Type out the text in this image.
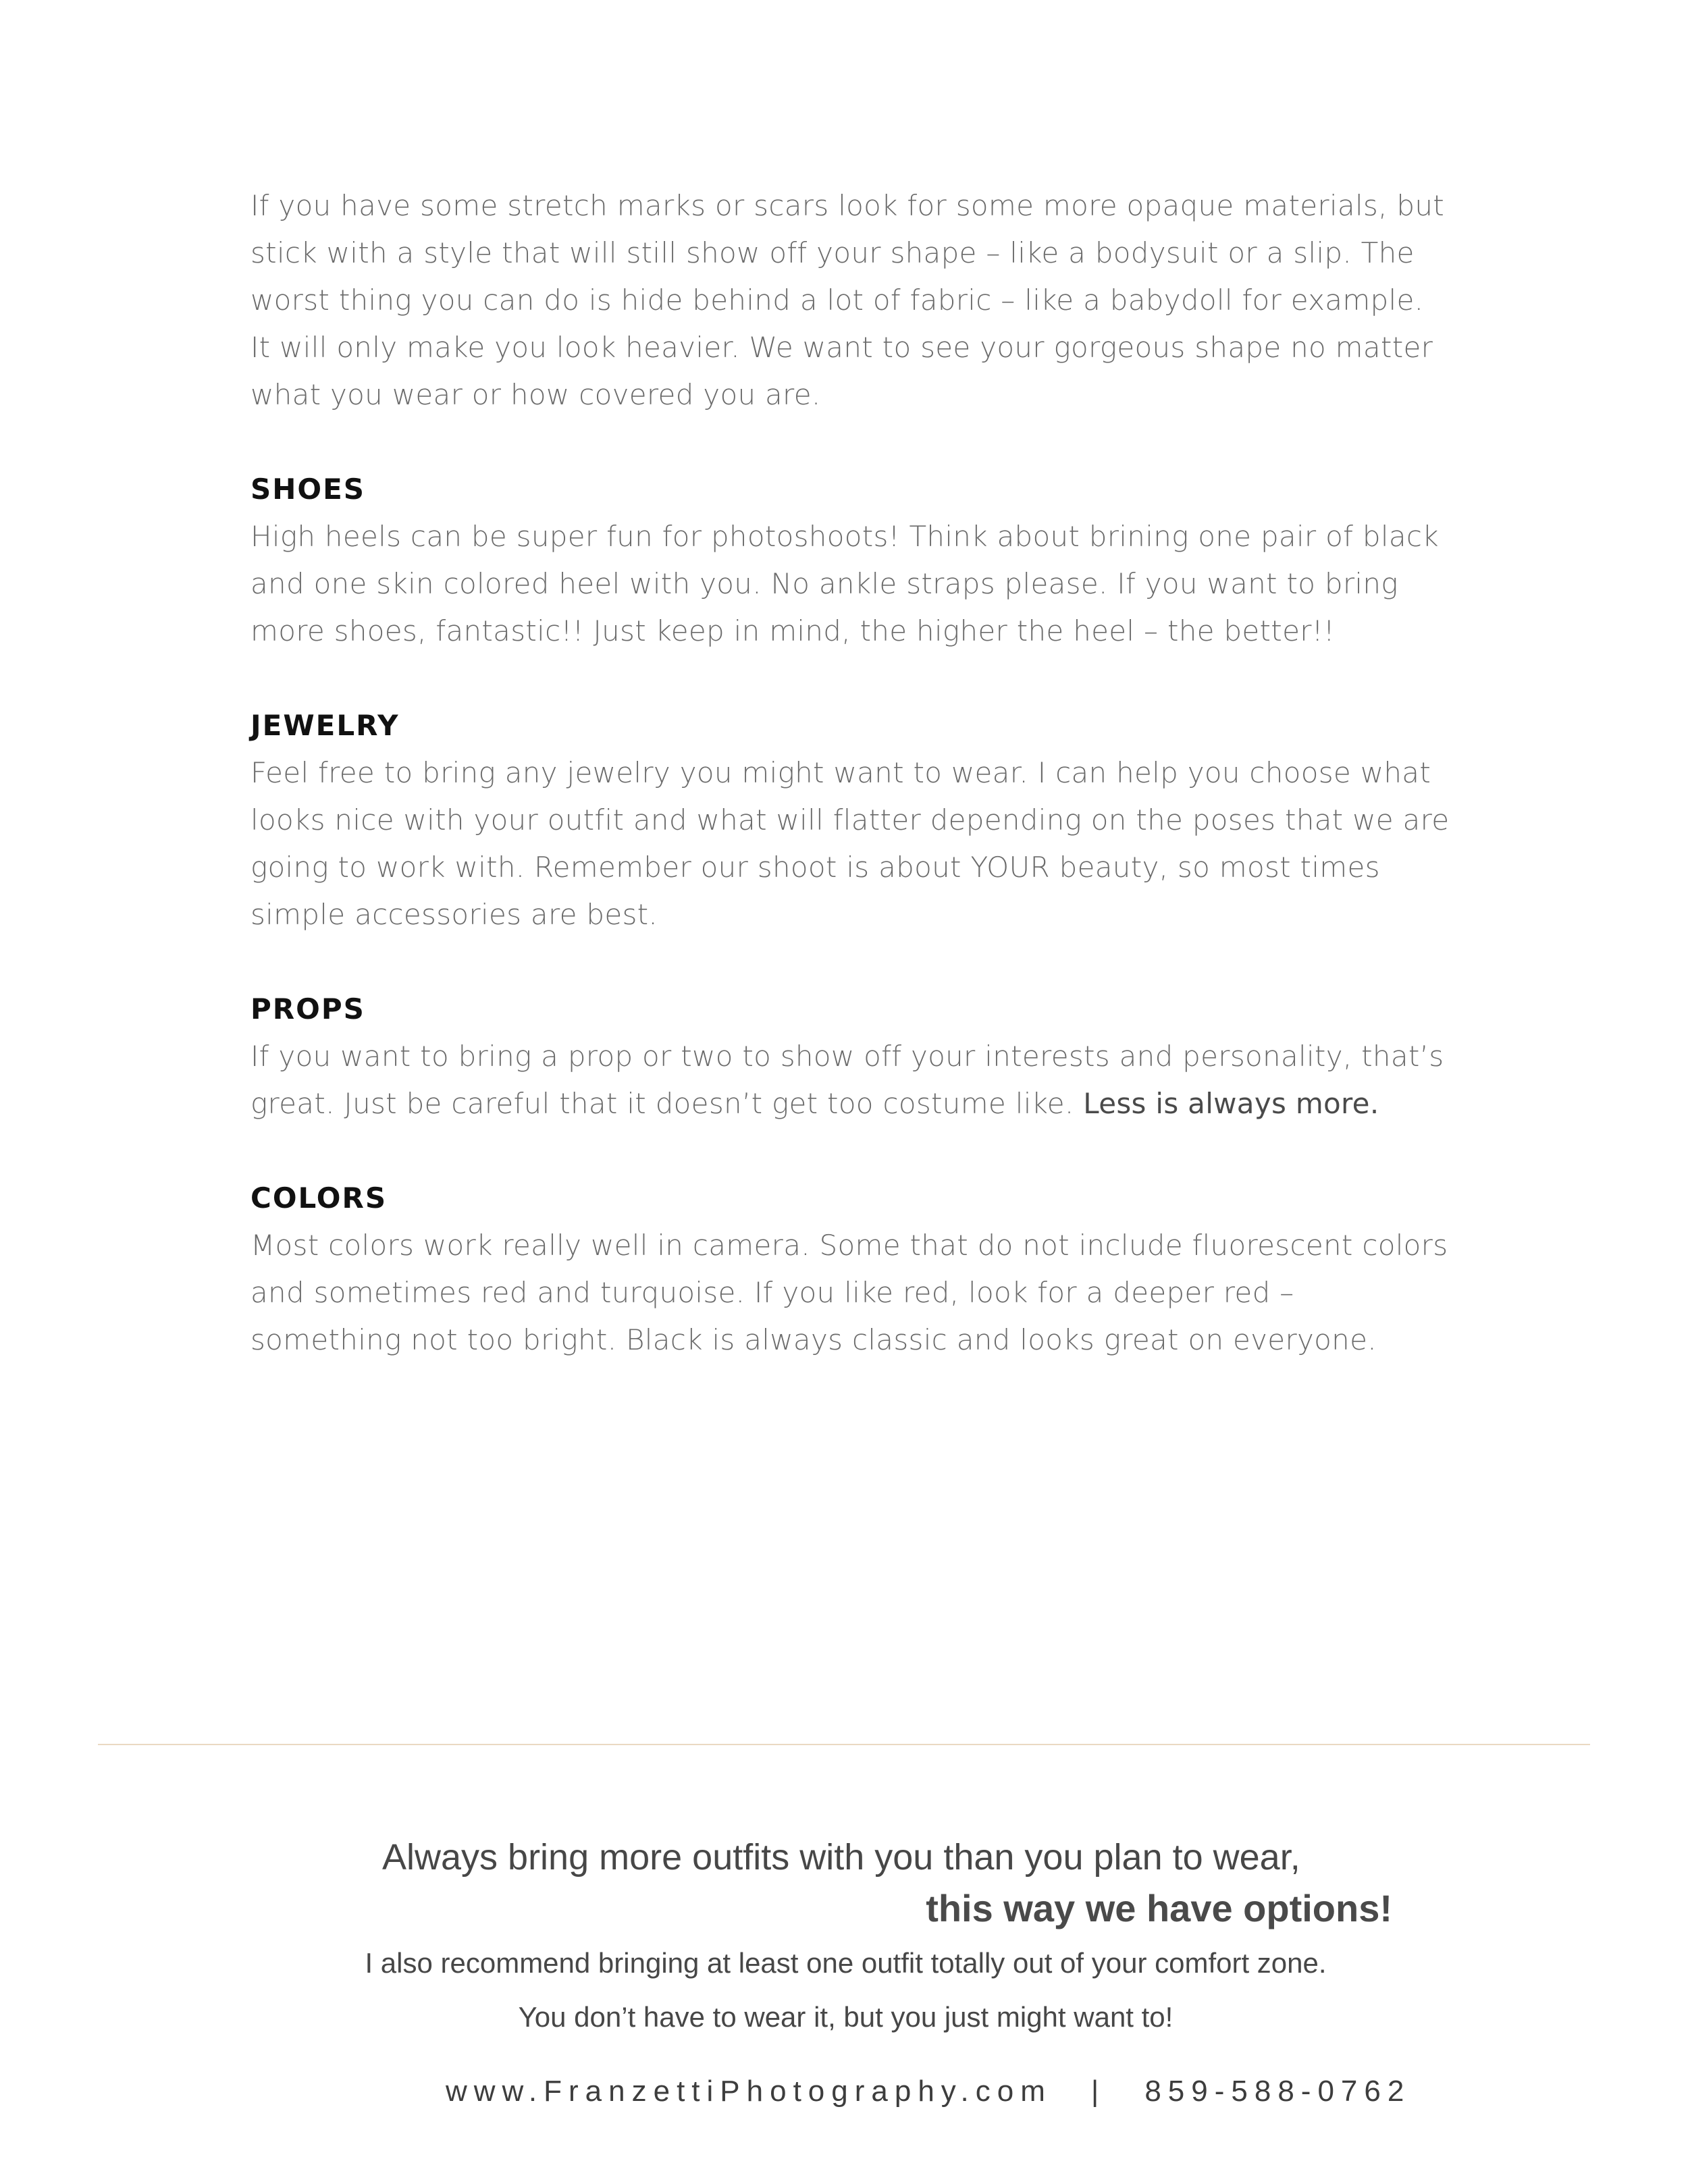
If you have some stretch marks or scars look for some more opaque materials, but stick with a style that will still show off your shape – like a bodysuit or a slip. The worst thing you can do is hide behind a lot of fabric – like a babydoll for example. It will only make you look heavier. We want to see your gorgeous shape no matter what you wear or how covered you are.

SHOES

High heels can be super fun for photoshoots! Think about brining one pair of black and one skin colored heel with you. No ankle straps please. If you want to bring more shoes, fantastic!! Just keep in mind, the higher the heel – the better!!

JEWELRY

Feel free to bring any jewelry you might want to wear. I can help you choose what looks nice with your outfit and what will flatter depending on the poses that we are going to work with. Remember our shoot is about YOUR beauty, so most times simple accessories are best.

PROPS

If you want to bring a prop or two to show off your interests and personality, that’s great. Just be careful that it doesn’t get too costume like. Less is always more.

COLORS

Most colors work really well in camera. Some that do not include fluorescent colors and sometimes red and turquoise. If you like red, look for a deeper red – something not too bright. Black is always classic and looks great on everyone.

Always bring more outfits with you than you plan to wear,

this way we have options!

I also recommend bringing at least one outfit totally out of your comfort zone.

You don’t have to wear it, but you just might want to!

www.FranzettiPhotography.com | 859-588-0762
